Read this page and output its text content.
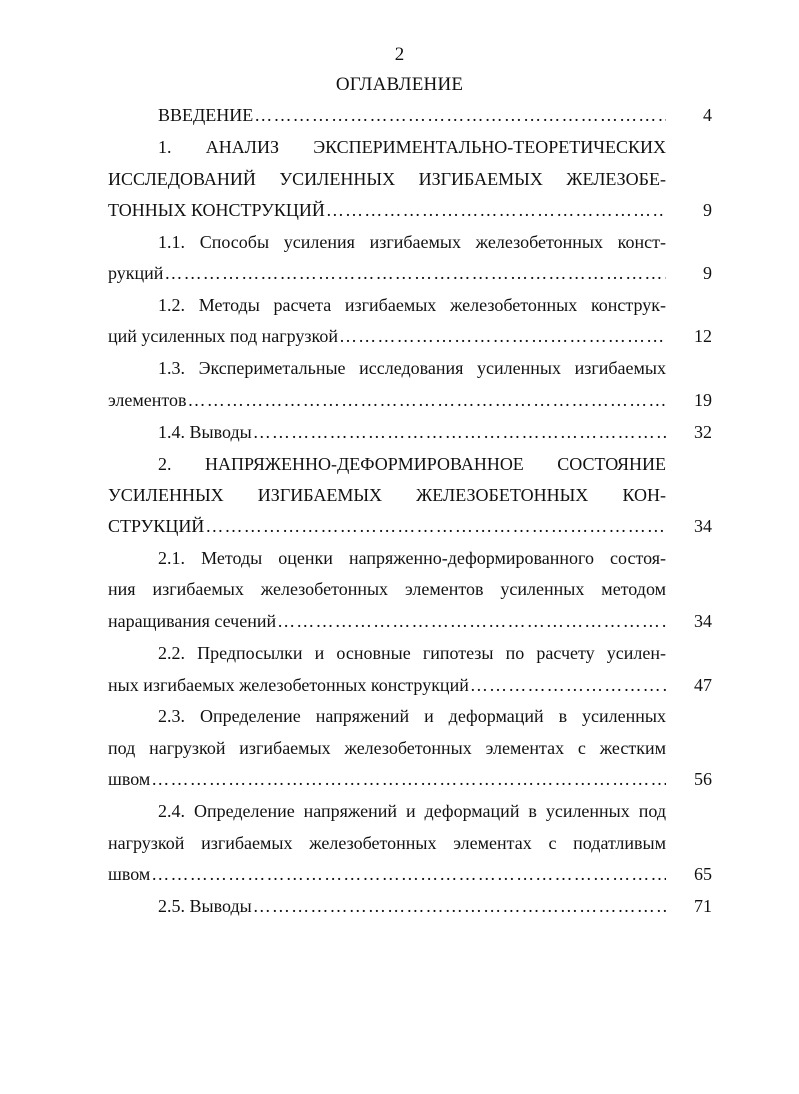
2
ОГЛАВЛЕНИЕ
ВВЕДЕНИЕ …………………………………………………………………………………………………………………………………………	4
1. АНАЛИЗ ЭКСПЕРИМЕНТАЛЬНО-ТЕОРЕТИЧЕСКИХ
ИССЛЕДОВАНИЙ УСИЛЕННЫХ ИЗГИБАЕМЫХ ЖЕЛЕЗОБЕ-
ТОННЫХ КОНСТРУКЦИЙ …………………………………………………………………………………………………………………………………………	9
1.1. Способы усиления изгибаемых железобетонных конст-
рукций …………………………………………………………………………………………………………………………………………	9
1.2. Методы расчета изгибаемых железобетонных конструк-
ций усиленных под нагрузкой …………………………………………………………………………………………………………………………………………	12
1.3. Экспериметальные исследования усиленных изгибаемых
элементов …………………………………………………………………………………………………………………………………………	19
1.4. Выводы …………………………………………………………………………………………………………………………………………	32
2. НАПРЯЖЕННО-ДЕФОРМИРОВАННОЕ СОСТОЯНИЕ
УСИЛЕННЫХ ИЗГИБАЕМЫХ ЖЕЛЕЗОБЕТОННЫХ КОН-
СТРУКЦИЙ …………………………………………………………………………………………………………………………………………	34
2.1. Методы оценки напряженно-деформированного состоя-
ния изгибаемых железобетонных элементов усиленных методом
наращивания сечений …………………………………………………………………………………………………………………………………………	34
2.2. Предпосылки и основные гипотезы по расчету усилен-
ных изгибаемых железобетонных конструкций …………………………………………………………………………………………………………………………………………	47
2.3. Определение напряжений и деформаций в усиленных
под нагрузкой изгибаемых железобетонных элементах с жестким
швом …………………………………………………………………………………………………………………………………………	56
2.4. Определение напряжений и деформаций в усиленных под
нагрузкой изгибаемых железобетонных элементах с податливым
швом …………………………………………………………………………………………………………………………………………	65
2.5. Выводы …………………………………………………………………………………………………………………………………………	71
